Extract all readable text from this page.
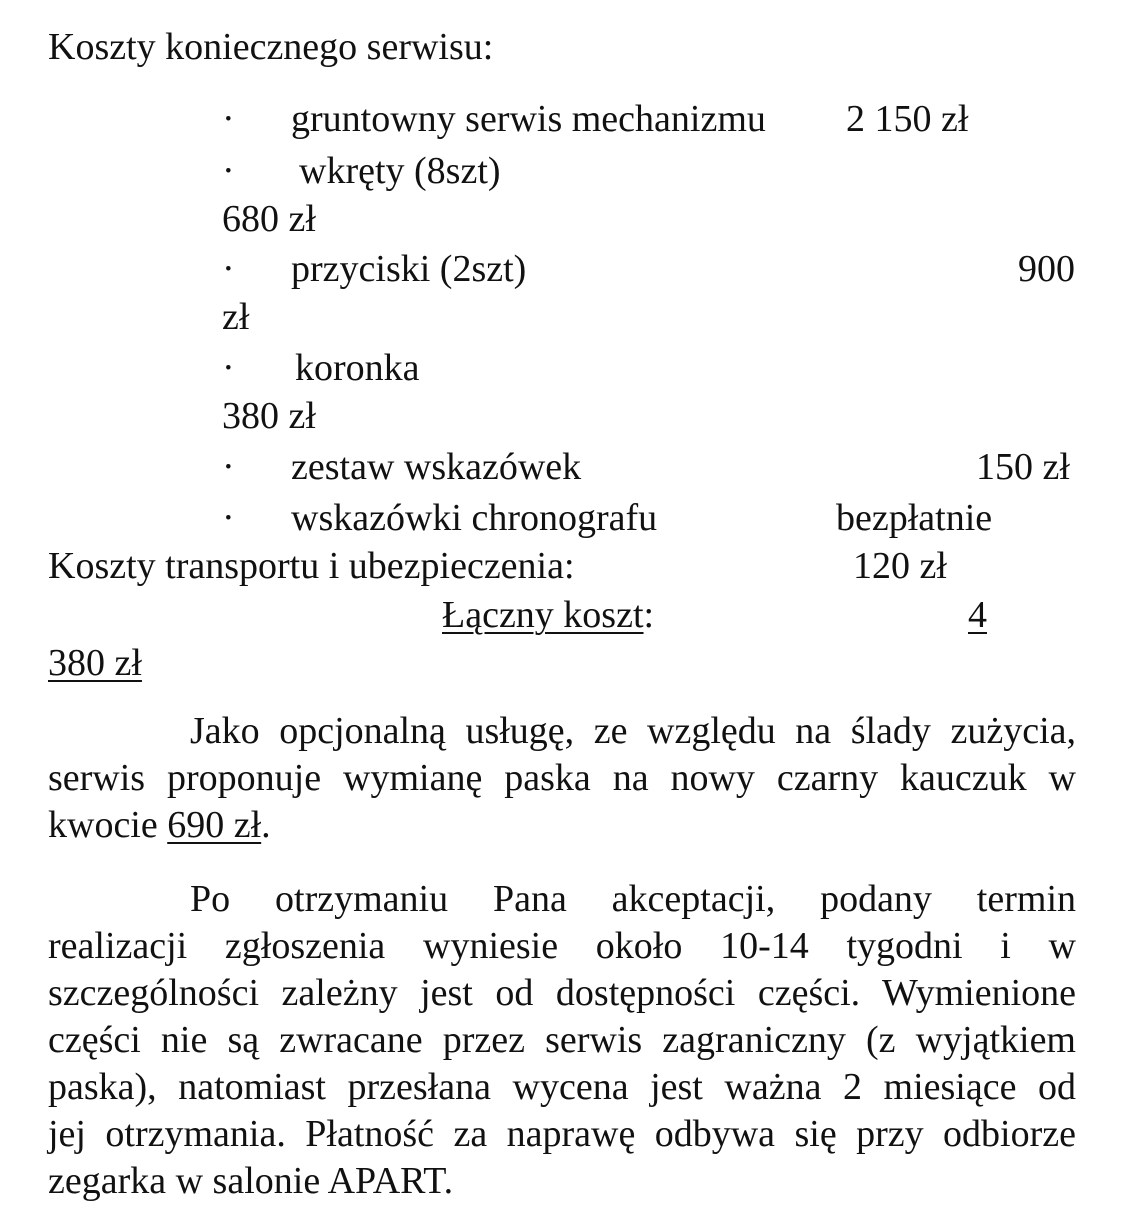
Koszty koniecznego serwisu:
· gruntowny serwis mechanizmu 2 150 zł
· wkręty (8szt)
680 zł
· przyciski (2szt)	900
zł
· koronka
380 zł
· zestaw wskazówek	150 zł
· wskazówki chronografu	bezpłatnie
Koszty transportu i ubezpieczenia:	120 zł
Łączny koszt:	4
380 zł
Jako opcjonalną usługę, ze względu na ślady zużycia,
serwis proponuje wymianę paska na nowy czarny kauczuk w
kwocie 690 zł.
Po otrzymaniu Pana akceptacji, podany termin
realizacji zgłoszenia wyniesie około 10-14 tygodni i w
szczególności zależny jest od dostępności części. Wymienione
części nie są zwracane przez serwis zagraniczny (z wyjątkiem
paska), natomiast przesłana wycena jest ważna 2 miesiące od
jej otrzymania. Płatność za naprawę odbywa się przy odbiorze
zegarka w salonie APART.
